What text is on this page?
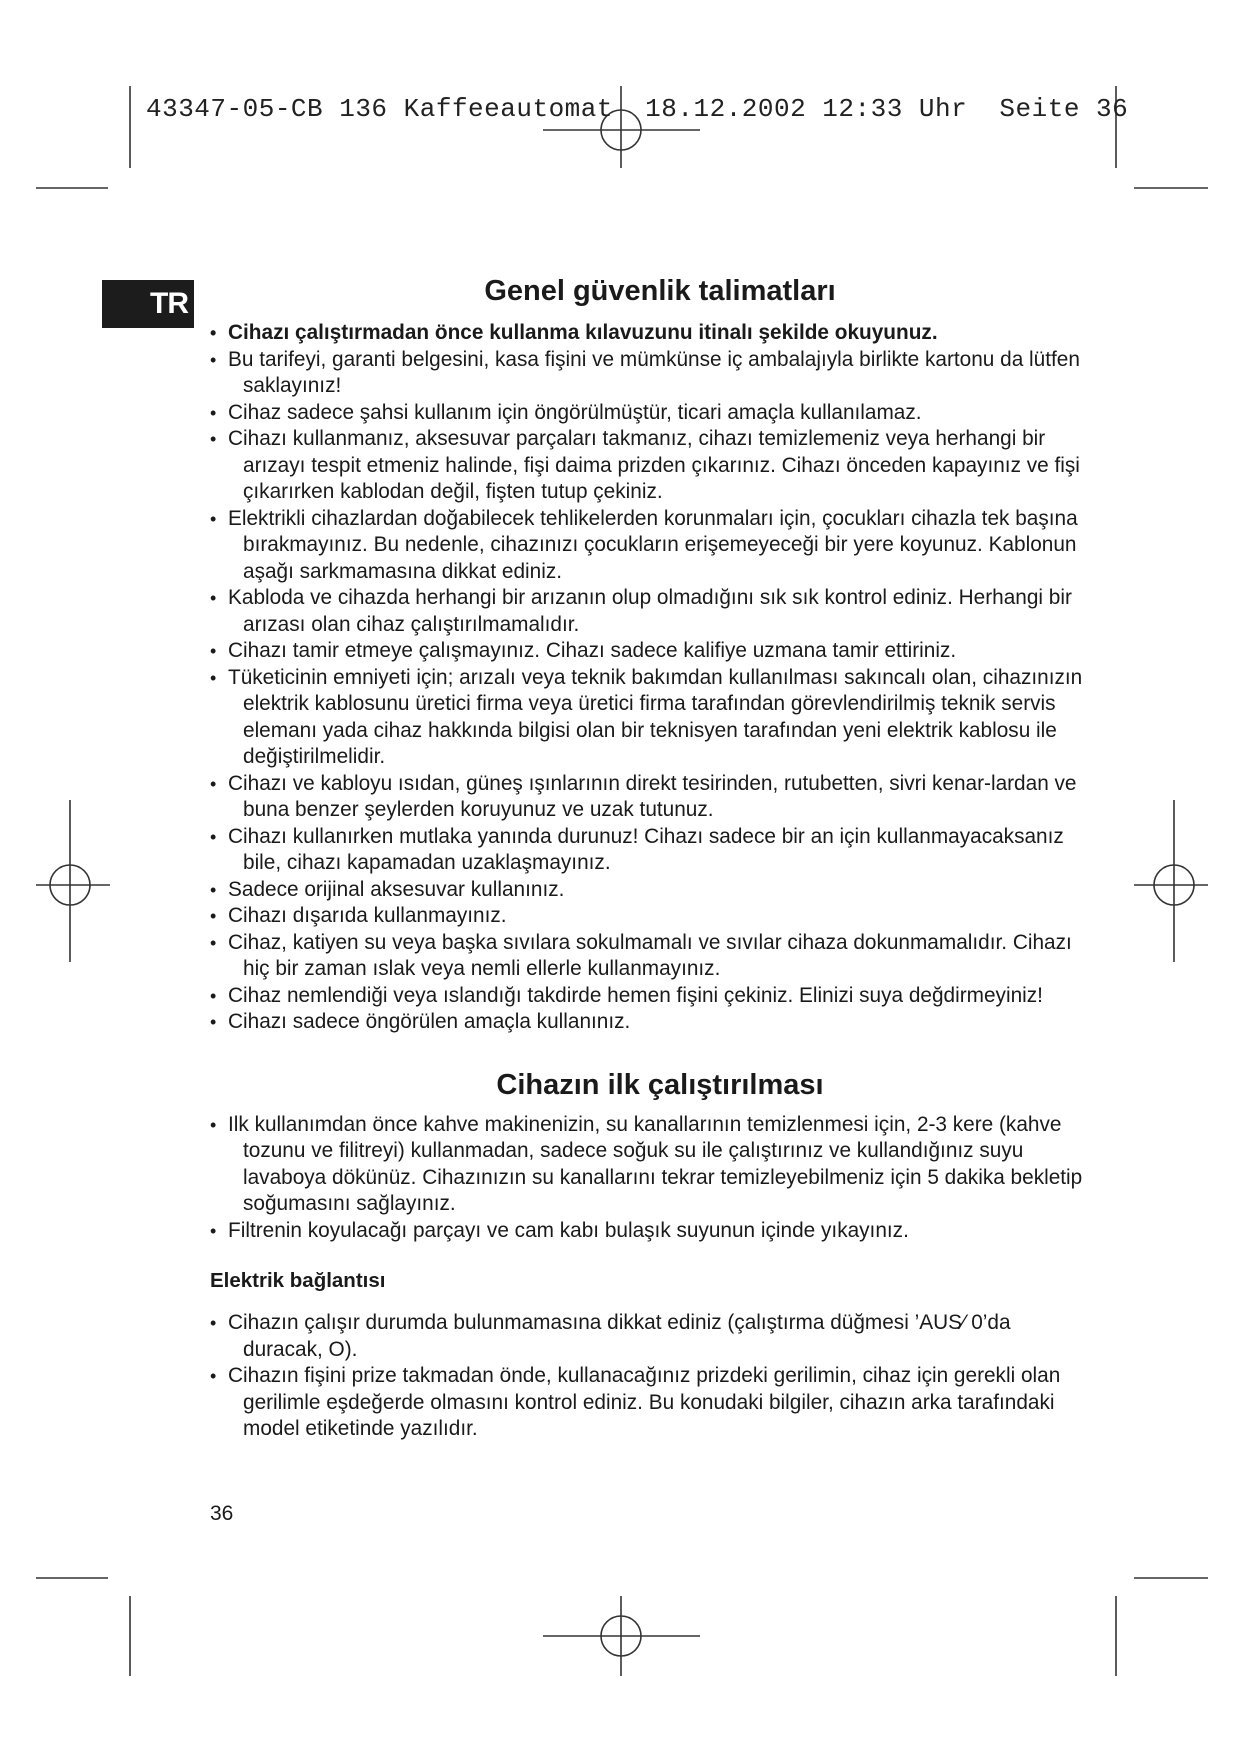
43347-05-CB 136 Kaffeeautomat  18.12.2002 12:33 Uhr  Seite 36
TR	Genel güvenlik talimatları
• Cihazı çalıştırmadan önce kullanma kılavuzunu itinalı şekilde okuyunuz.
• Bu tarifeyi, garanti belgesini, kasa fişini ve mümkünse iç ambalajıyla birlikte kartonu da lütfen saklayınız!
• Cihaz sadece şahsi kullanım için öngörülmüştür, ticari amaçla kullanılamaz.
• Cihazı kullanmanız, aksesuvar parçaları takmanız, cihazı temizlemeniz veya herhangi bir arızayı tespit etmeniz halinde, fişi daima prizden çıkarınız. Cihazı önceden kapayınız ve fişi çıkarırken kablodan değil, fişten tutup çekiniz.
• Elektrikli cihazlardan doğabilecek tehlikelerden korunmaları için, çocukları cihazla tek başına bırakmayınız. Bu nedenle, cihazınızı çocukların erişemeyeceği bir yere koyunuz. Kablonun aşağı sarkmamasına dikkat ediniz.
• Kabloda ve cihazda herhangi bir arızanın olup olmadığını sık sık kontrol ediniz. Herhangi bir arızası olan cihaz çalıştırılmamalıdır.
• Cihazı tamir etmeye çalışmayınız. Cihazı sadece kalifiye uzmana tamir ettiriniz.
• Tüketicinin emniyeti için; arızalı veya teknik bakımdan kullanılması sakıncalı olan, cihazınızın elektrik kablosunu üretici firma veya üretici firma tarafından görevlendirilmiş teknik servis elemanı yada cihaz hakkında bilgisi olan bir teknisyen tarafından yeni elektrik kablosu ile değiştirilmelidir.
• Cihazı ve kabloyu ısıdan, güneş ışınlarının direkt tesirinden, rutubetten, sivri kenar-lardan ve buna benzer şeylerden koruyunuz ve uzak tutunuz.
• Cihazı kullanırken mutlaka yanında durunuz! Cihazı sadece bir an için kullanmayacaksanız bile, cihazı kapamadan uzaklaşmayınız.
• Sadece orijinal aksesuvar kullanınız.
• Cihazı dışarıda kullanmayınız.
• Cihaz, katiyen su veya başka sıvılara sokulmamalı ve sıvılar cihaza dokunmamalıdır. Cihazı hiç bir zaman ıslak veya nemli ellerle kullanmayınız.
• Cihaz nemlendiği veya ıslandığı takdirde hemen fişini çekiniz. Elinizi suya değdirmeyiniz!
• Cihazı sadece öngörülen amaçla kullanınız.
Cihazın ilk çalıştırılması
• Ilk kullanımdan önce kahve makinenizin, su kanallarının temizlenmesi için, 2-3 kere (kahve tozunu ve filitreyi) kullanmadan, sadece soğuk su ile çalıştırınız ve kullandığınız suyu lavaboya dökünüz. Cihazınızın su kanallarını tekrar temizleyebilmeniz için 5 dakika bekletip soğumasını sağlayınız.
• Filtrenin koyulacağı parçayı ve cam kabı bulaşık suyunun içinde yıkayınız.
Elektrik bağlantısı
• Cihazın çalışır durumda bulunmamasına dikkat ediniz (çalıştırma düğmesi ’AUS⁄ 0’da duracak, O).
• Cihazın fişini prize takmadan önde, kullanacağınız prizdeki gerilimin, cihaz için gerekli olan gerilimle eşdeğerde olmasını kontrol ediniz. Bu konudaki bilgiler, cihazın arka tarafındaki model etiketinde yazılıdır.
36
